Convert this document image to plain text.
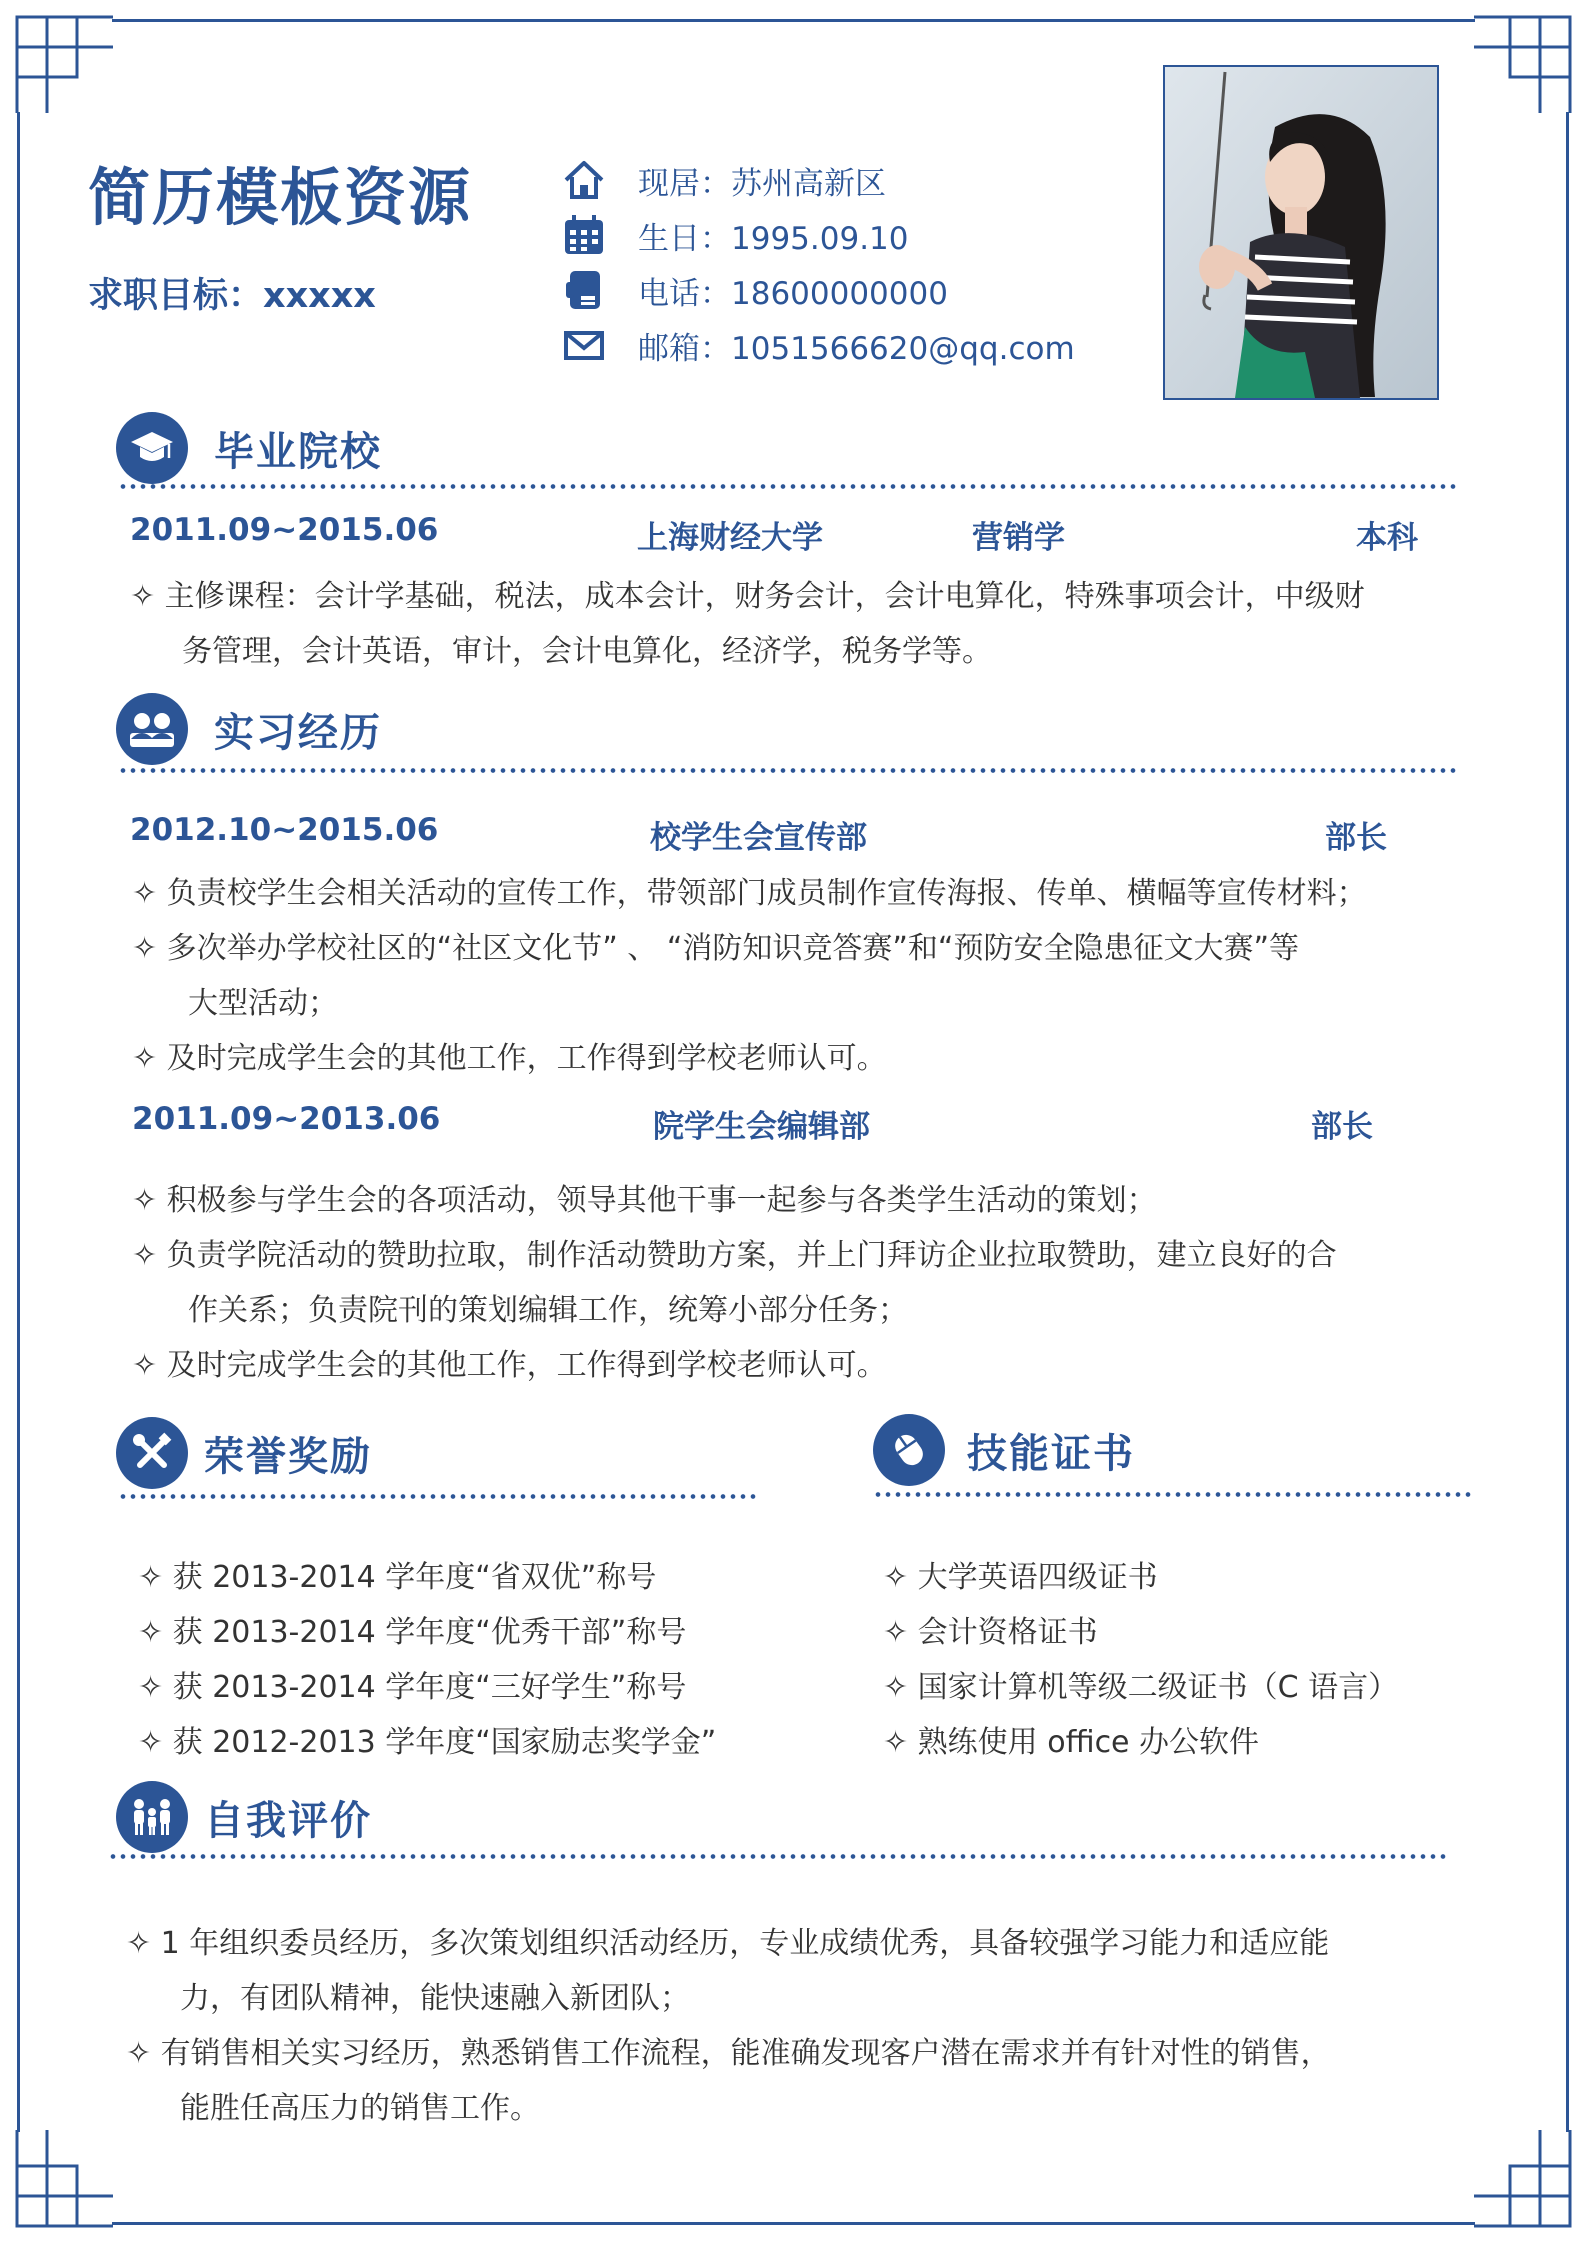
简历模板资源
求职目标：xxxxx
现居：苏州高新区
生日：1995.09.10
电话：18600000000
邮箱：1051566620@qq.com
毕业院校
2011.09~2015.06	上海财经大学	营销学	本科
✧ 主修课程：会计学基础，税法，成本会计，财务会计，会计电算化，特殊事项会计，中级财
务管理，会计英语，审计，会计电算化，经济学，税务学等。
实习经历
2012.10~2015.06	校学生会宣传部	部长
✧ 负责校学生会相关活动的宣传工作，带领部门成员制作宣传海报、传单、横幅等宣传材料；
✧ 多次举办学校社区的“社区文化节” 、 “消防知识竞答赛”和“预防安全隐患征文大赛”等
大型活动；
✧ 及时完成学生会的其他工作，工作得到学校老师认可。
2011.09~2013.06	院学生会编辑部	部长
✧ 积极参与学生会的各项活动，领导其他干事一起参与各类学生活动的策划；
✧ 负责学院活动的赞助拉取，制作活动赞助方案，并上门拜访企业拉取赞助，建立良好的合
作关系；负责院刊的策划编辑工作，统筹小部分任务；
✧ 及时完成学生会的其他工作，工作得到学校老师认可。
荣誉奖励
✧ 获 2013-2014 学年度“省双优”称号
✧ 获 2013-2014 学年度“优秀干部”称号
✧ 获 2013-2014 学年度“三好学生”称号
✧ 获 2012-2013 学年度“国家励志奖学金”
技能证书
✧ 大学英语四级证书
✧ 会计资格证书
✧ 国家计算机等级二级证书（C 语言）
✧ 熟练使用 office 办公软件
自我评价
✧ 1 年组织委员经历，多次策划组织活动经历，专业成绩优秀，具备较强学习能力和适应能
力，有团队精神，能快速融入新团队；
✧ 有销售相关实习经历，熟悉销售工作流程，能准确发现客户潜在需求并有针对性的销售，
能胜任高压力的销售工作。
